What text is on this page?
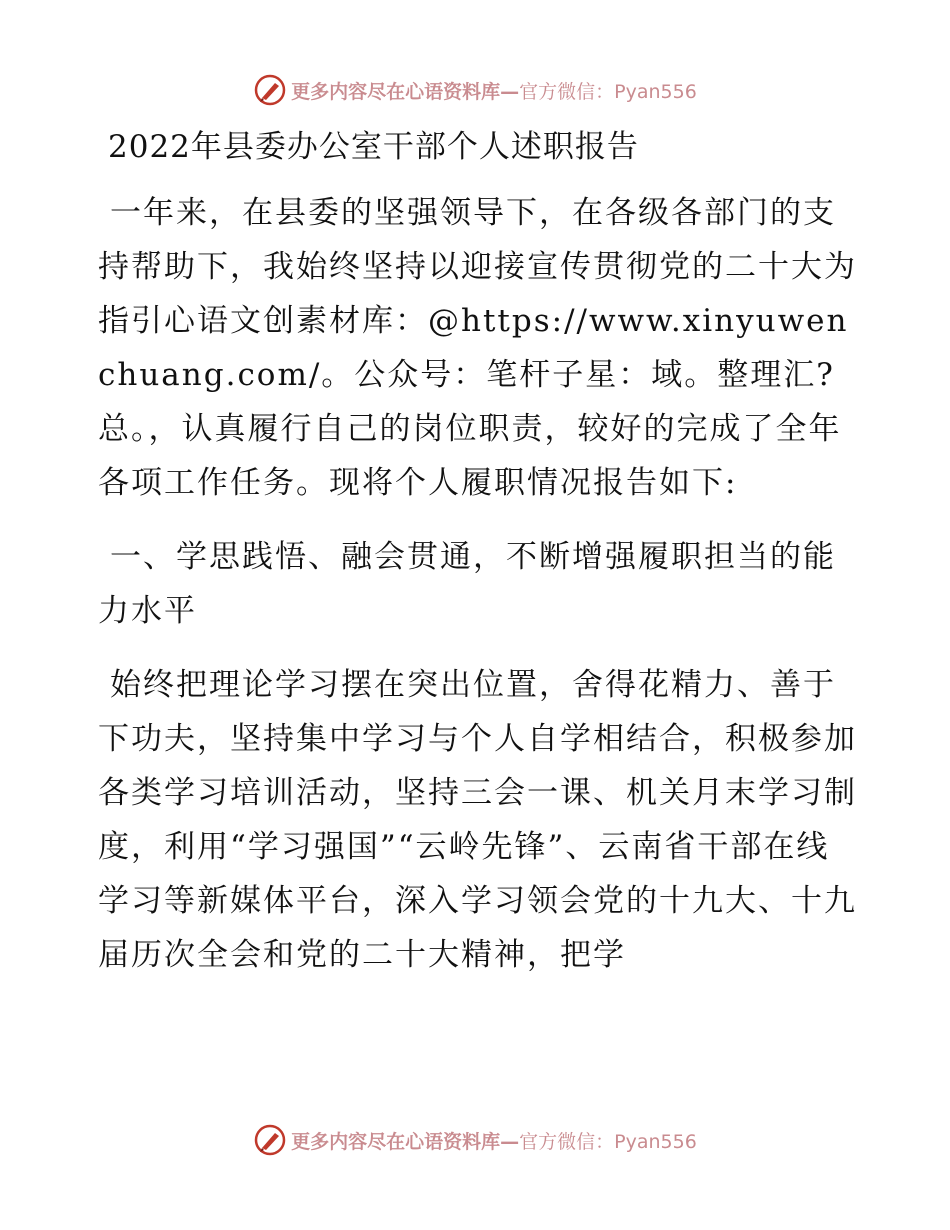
更多内容尽在心语资料库—官方微信：Pyan556
2022年县委办公室干部个人述职报告

一年来，在县委的坚强领导下，在各级各部门的支持帮助下，我始终坚持以迎接宣传贯彻党的二十大为指引心语文创素材库：@https://www.xinyuwenchuang.com/。公众号：笔杆子星：域。整理汇?总。，认真履行自己的岗位职责，较好的完成了全年各项工作任务。现将个人履职情况报告如下:

一、学思践悟、融会贯通，不断增强履职担当的能力水平

始终把理论学习摆在突出位置，舍得花精力、善于下功夫，坚持集中学习与个人自学相结合，积极参加各类学习培训活动，坚持三会一课、机关月末学习制度，利用“学习强国”“云岭先锋”、云南省干部在线学习等新媒体平台，深入学习领会党的十九大、十九届历次全会和党的二十大精神，把学

更多内容尽在心语资料库—官方微信：Pyan556
